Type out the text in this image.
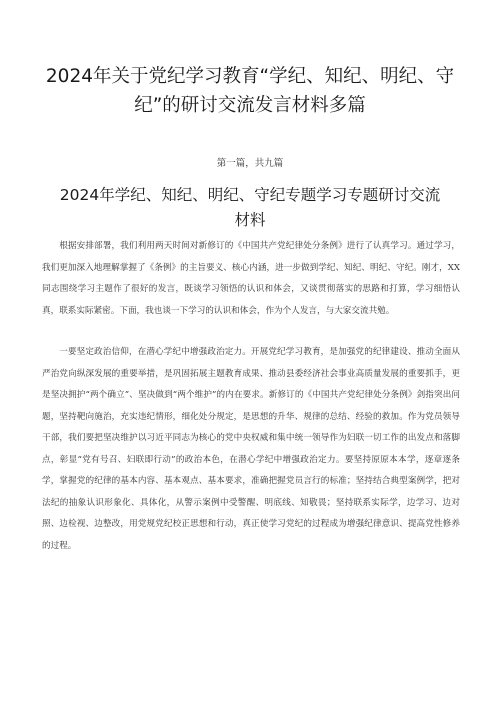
2024年关于党纪学习教育“学纪、知纪、明纪、守纪”的研讨交流发言材料多篇
第一篇，共九篇
2024年学纪、知纪、明纪、守纪专题学习专题研讨交流材料

根据安排部署，我们利用两天时间对新修订的《中国共产党纪律处分条例》进行了认真学习。通过学习，我们更加深入地理解掌握了《条例》的主旨要义、核心内涵，进一步做到学纪、知纪、明纪、守纪。刚才，XX同志围绕学习主题作了很好的发言，既谈学习领悟的认识和体会，又谈贯彻落实的思路和打算，学习细悟认真，联系实际紧密。下面，我也谈一下学习的认识和体会，作为个人发言，与大家交流共勉。

一要坚定政治信仰，在潜心学纪中增强政治定力。开展党纪学习教育，是加强党的纪律建设、推动全面从严治党向纵深发展的重要举措，是巩固拓展主题教育成果、推动县委经济社会事业高质量发展的重要抓手，更是坚决拥护“两个确立”、坚决做到“两个维护”的内在要求。新修订的《中国共产党纪律处分条例》剑指突出问题，坚持靶向施治，充实违纪情形，细化处分规定，是思想的升华、规律的总结、经验的救加。作为党员领导干部，我们要把坚决维护以习近平同志为核心的党中央权威和集中统一领导作为妇联一切工作的出发点和落脚点，彰显“党有号召、妇联即行动”的政治本色，在潜心学纪中增强政治定力。要坚持原原本本学，逐章逐条学，掌握党的纪律的基本内容、基本观点、基本要求，准确把握党员言行的标准；坚持结合典型案例学，把对法纪的抽象认识形象化、具体化，从警示案例中受警醒、明底线、知敬畏；坚持联系实际学，边学习、边对照、边检视、边整改，用党规党纪校正思想和行动，真正使学习党纪的过程成为增强纪律意识、提高党性修养的过程。
